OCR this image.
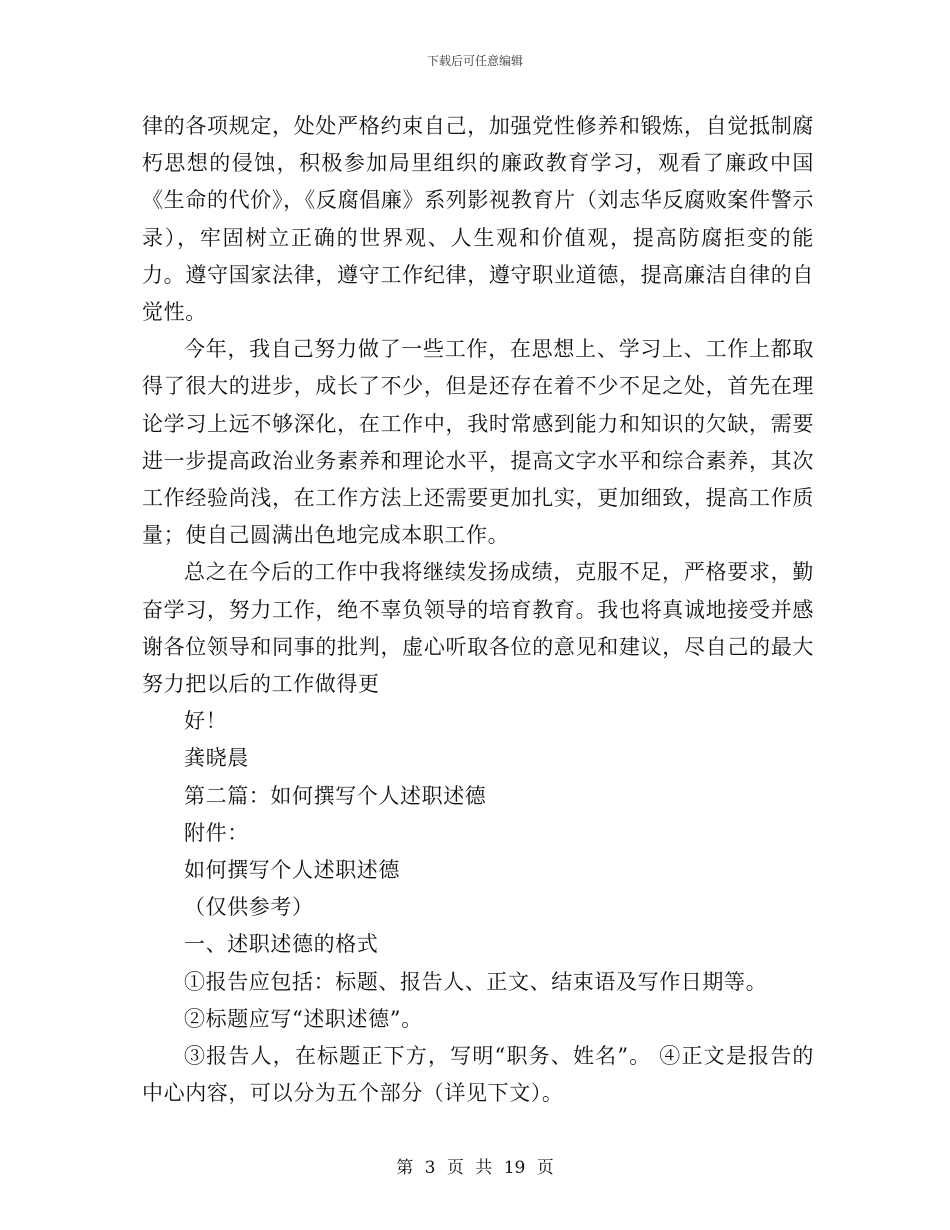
下载后可任意编辑

律的各项规定，处处严格约束自己，加强党性修养和锻炼，自觉抵制腐朽思想的侵蚀，积极参加局里组织的廉政教育学习，观看了廉政中国《生命的代价》，《反腐倡廉》系列影视教育片（刘志华反腐败案件警示录），牢固树立正确的世界观、人生观和价值观，提高防腐拒变的能力。遵守国家法律，遵守工作纪律，遵守职业道德，提高廉洁自律的自觉性。

今年，我自己努力做了一些工作，在思想上、学习上、工作上都取得了很大的进步，成长了不少，但是还存在着不少不足之处，首先在理论学习上远不够深化，在工作中，我时常感到能力和知识的欠缺，需要进一步提高政治业务素养和理论水平，提高文字水平和综合素养，其次工作经验尚浅，在工作方法上还需要更加扎实，更加细致，提高工作质量；使自己圆满出色地完成本职工作。

总之在今后的工作中我将继续发扬成绩，克服不足，严格要求，勤奋学习，努力工作，绝不辜负领导的培育教育。我也将真诚地接受并感谢各位领导和同事的批判，虚心听取各位的意见和建议，尽自己的最大努力把以后的工作做得更

好！

龚晓晨

第二篇：如何撰写个人述职述德

附件：

如何撰写个人述职述德

（仅供参考）

一、述职述德的格式

①报告应包括：标题、报告人、正文、结束语及写作日期等。

②标题应写“述职述德”。

③报告人，在标题正下方，写明“职务、姓名”。 ④正文是报告的中心内容，可以分为五个部分（详见下文）。

第 3 页 共 19 页
